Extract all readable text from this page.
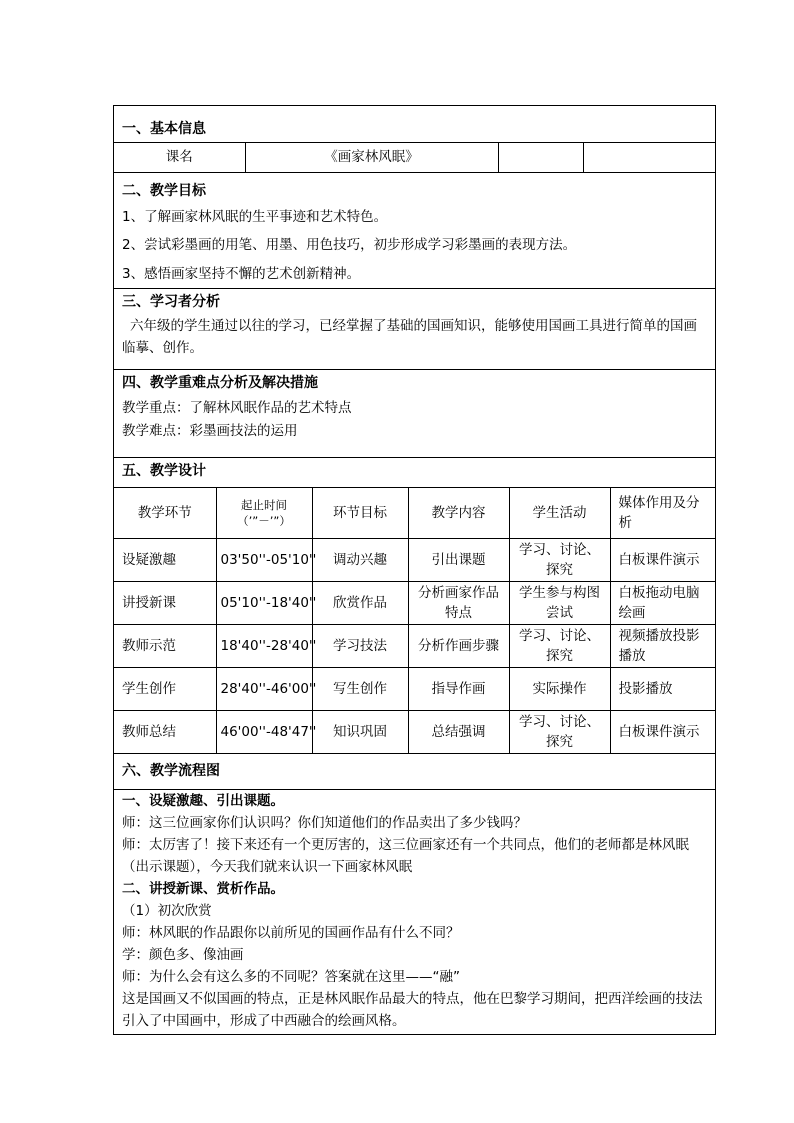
一、基本信息
课名	《画家林风眠》		
二、教学目标
1、了解画家林风眠的生平事迹和艺术特色。
2、尝试彩墨画的用笔、用墨、用色技巧，初步形成学习彩墨画的表现方法。
3、感悟画家坚持不懈的艺术创新精神。
三、学习者分析
六年级的学生通过以往的学习，已经掌握了基础的国画知识，能够使用国画工具进行简单的国画临摹、创作。
四、教学重难点分析及解决措施
教学重点：了解林风眠作品的艺术特点
教学难点：彩墨画技法的运用
五、教学设计
教学环节	起止时间（’”－’”）	环节目标	教学内容	学生活动	媒体作用及分析
设疑激趣	03'50''-05'10''	调动兴趣	引出课题	学习、讨论、探究	白板课件演示
讲授新课	05'10''-18'40''	欣赏作品	分析画家作品特点	学生参与构图尝试	白板拖动电脑绘画
教师示范	18'40''-28'40''	学习技法	分析作画步骤	学习、讨论、探究	视频播放投影播放
学生创作	28'40''-46'00''	写生创作	指导作画	实际操作	投影播放
教师总结	46'00''-48'47''	知识巩固	总结强调	学习、讨论、探究	白板课件演示
六、教学流程图
一、设疑激趣、引出课题。
师：这三位画家你们认识吗？你们知道他们的作品卖出了多少钱吗？
师：太厉害了！接下来还有一个更厉害的，这三位画家还有一个共同点，他们的老师都是林风眠（出示课题），今天我们就来认识一下画家林风眠
二、讲授新课、赏析作品。
（1）初次欣赏
师：林风眠的作品跟你以前所见的国画作品有什么不同？
学：颜色多、像油画
师：为什么会有这么多的不同呢？答案就在这里——“融”
这是国画又不似国画的特点，正是林风眠作品最大的特点，他在巴黎学习期间，把西洋绘画的技法引入了中国画中，形成了中西融合的绘画风格。
